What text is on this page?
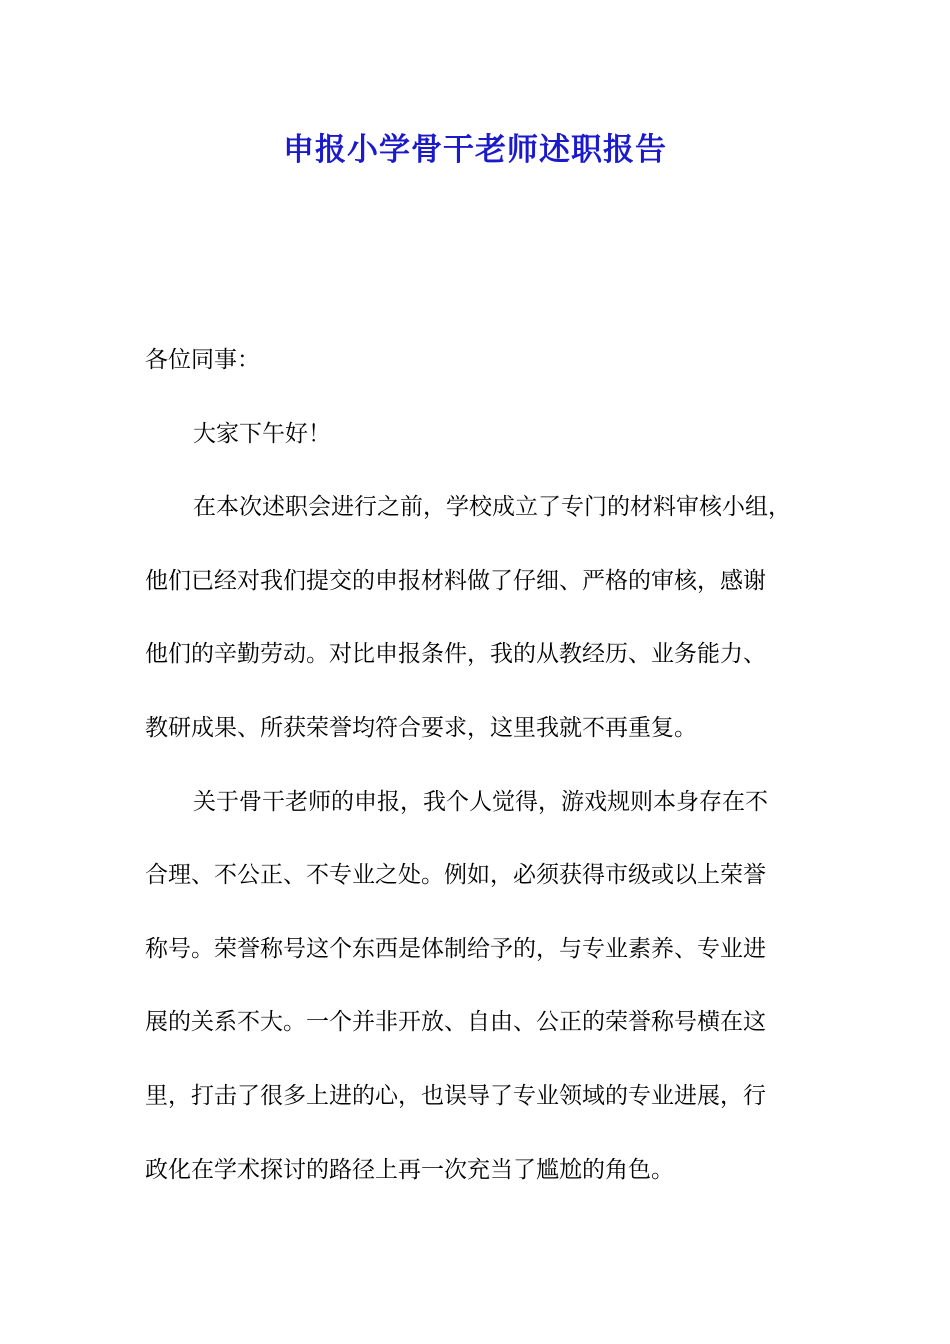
申报小学骨干老师述职报告
各位同事：
大家下午好！
在本次述职会进行之前，学校成立了专门的材料审核小组，
他们已经对我们提交的申报材料做了仔细、严格的审核，感谢
他们的辛勤劳动。对比申报条件，我的从教经历、业务能力、
教研成果、所获荣誉均符合要求，这里我就不再重复。
关于骨干老师的申报，我个人觉得，游戏规则本身存在不
合理、不公正、不专业之处。例如，必须获得市级或以上荣誉
称号。荣誉称号这个东西是体制给予的，与专业素养、专业进
展的关系不大。一个并非开放、自由、公正的荣誉称号横在这
里，打击了很多上进的心，也误导了专业领域的专业进展，行
政化在学术探讨的路径上再一次充当了尴尬的角色。
